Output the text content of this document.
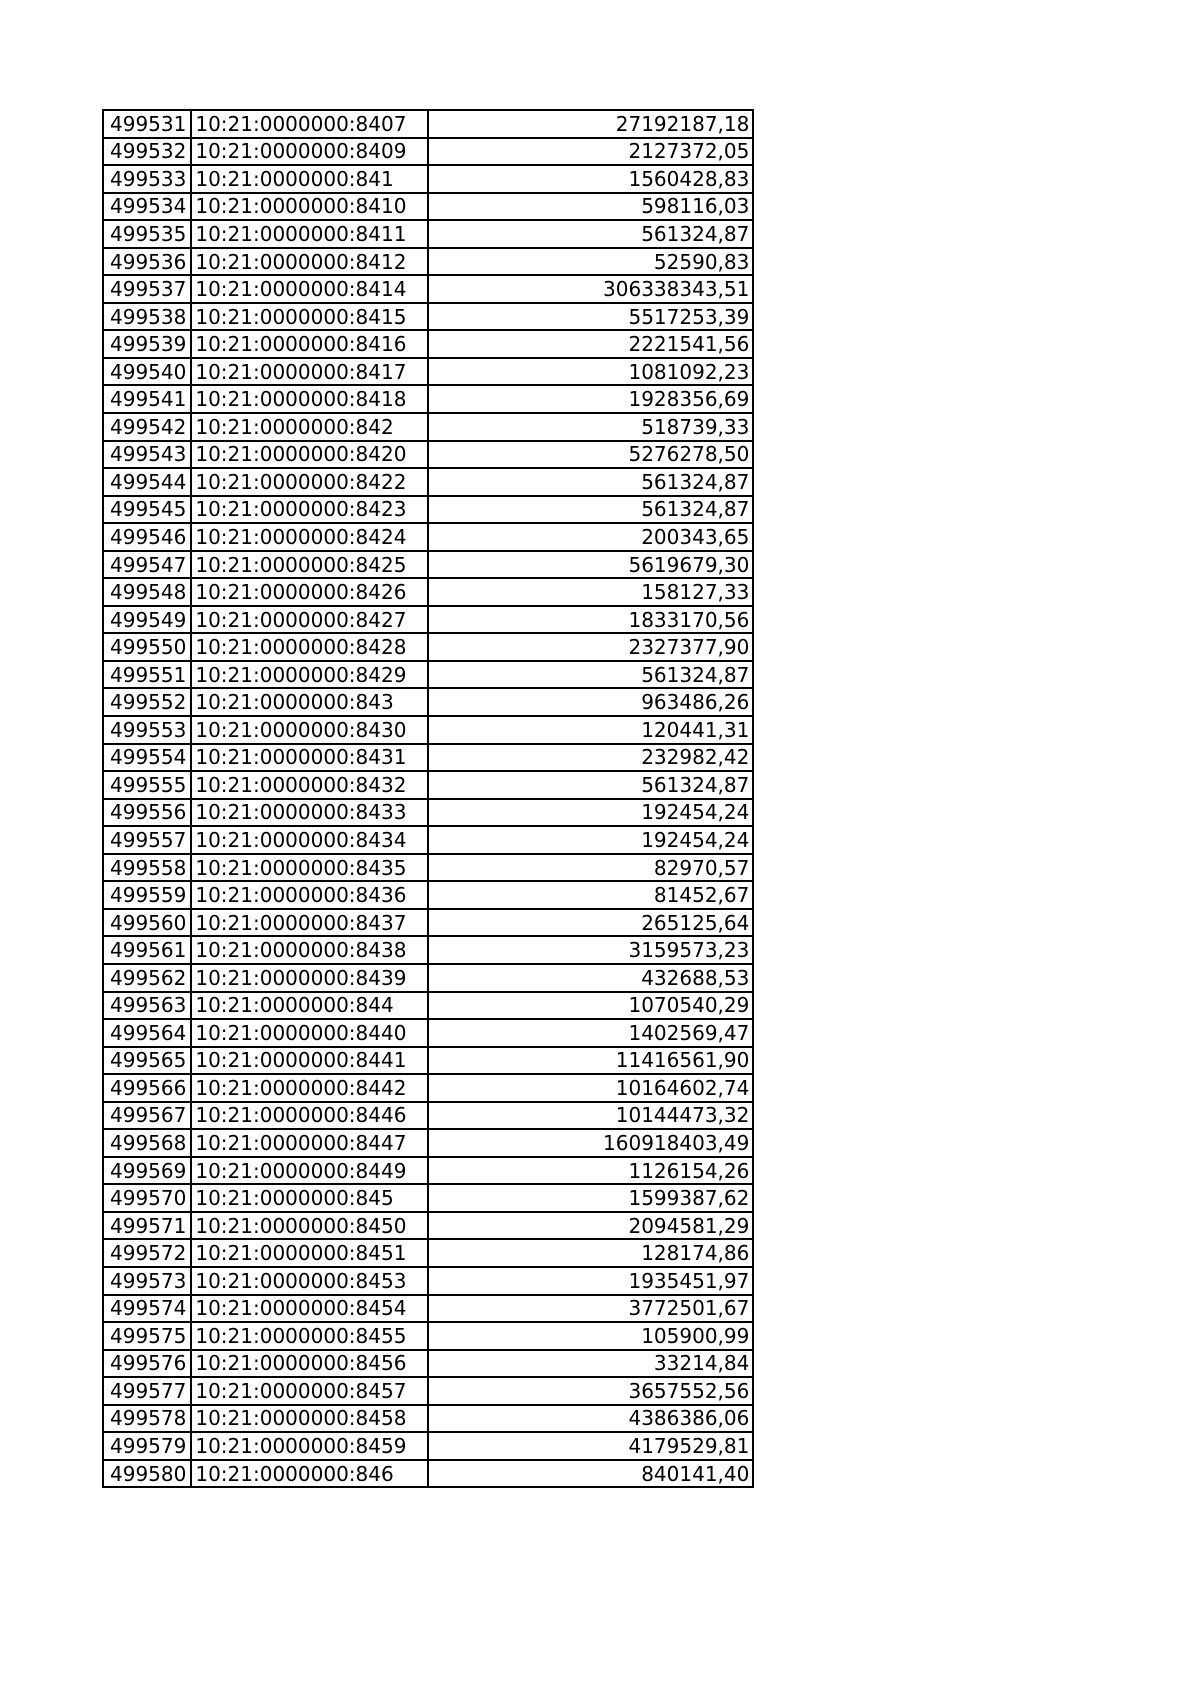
499531	10:21:0000000:8407	27192187,18
499532	10:21:0000000:8409	2127372,05
499533	10:21:0000000:841	1560428,83
499534	10:21:0000000:8410	598116,03
499535	10:21:0000000:8411	561324,87
499536	10:21:0000000:8412	52590,83
499537	10:21:0000000:8414	306338343,51
499538	10:21:0000000:8415	5517253,39
499539	10:21:0000000:8416	2221541,56
499540	10:21:0000000:8417	1081092,23
499541	10:21:0000000:8418	1928356,69
499542	10:21:0000000:842	518739,33
499543	10:21:0000000:8420	5276278,50
499544	10:21:0000000:8422	561324,87
499545	10:21:0000000:8423	561324,87
499546	10:21:0000000:8424	200343,65
499547	10:21:0000000:8425	5619679,30
499548	10:21:0000000:8426	158127,33
499549	10:21:0000000:8427	1833170,56
499550	10:21:0000000:8428	2327377,90
499551	10:21:0000000:8429	561324,87
499552	10:21:0000000:843	963486,26
499553	10:21:0000000:8430	120441,31
499554	10:21:0000000:8431	232982,42
499555	10:21:0000000:8432	561324,87
499556	10:21:0000000:8433	192454,24
499557	10:21:0000000:8434	192454,24
499558	10:21:0000000:8435	82970,57
499559	10:21:0000000:8436	81452,67
499560	10:21:0000000:8437	265125,64
499561	10:21:0000000:8438	3159573,23
499562	10:21:0000000:8439	432688,53
499563	10:21:0000000:844	1070540,29
499564	10:21:0000000:8440	1402569,47
499565	10:21:0000000:8441	11416561,90
499566	10:21:0000000:8442	10164602,74
499567	10:21:0000000:8446	10144473,32
499568	10:21:0000000:8447	160918403,49
499569	10:21:0000000:8449	1126154,26
499570	10:21:0000000:845	1599387,62
499571	10:21:0000000:8450	2094581,29
499572	10:21:0000000:8451	128174,86
499573	10:21:0000000:8453	1935451,97
499574	10:21:0000000:8454	3772501,67
499575	10:21:0000000:8455	105900,99
499576	10:21:0000000:8456	33214,84
499577	10:21:0000000:8457	3657552,56
499578	10:21:0000000:8458	4386386,06
499579	10:21:0000000:8459	4179529,81
499580	10:21:0000000:846	840141,40
